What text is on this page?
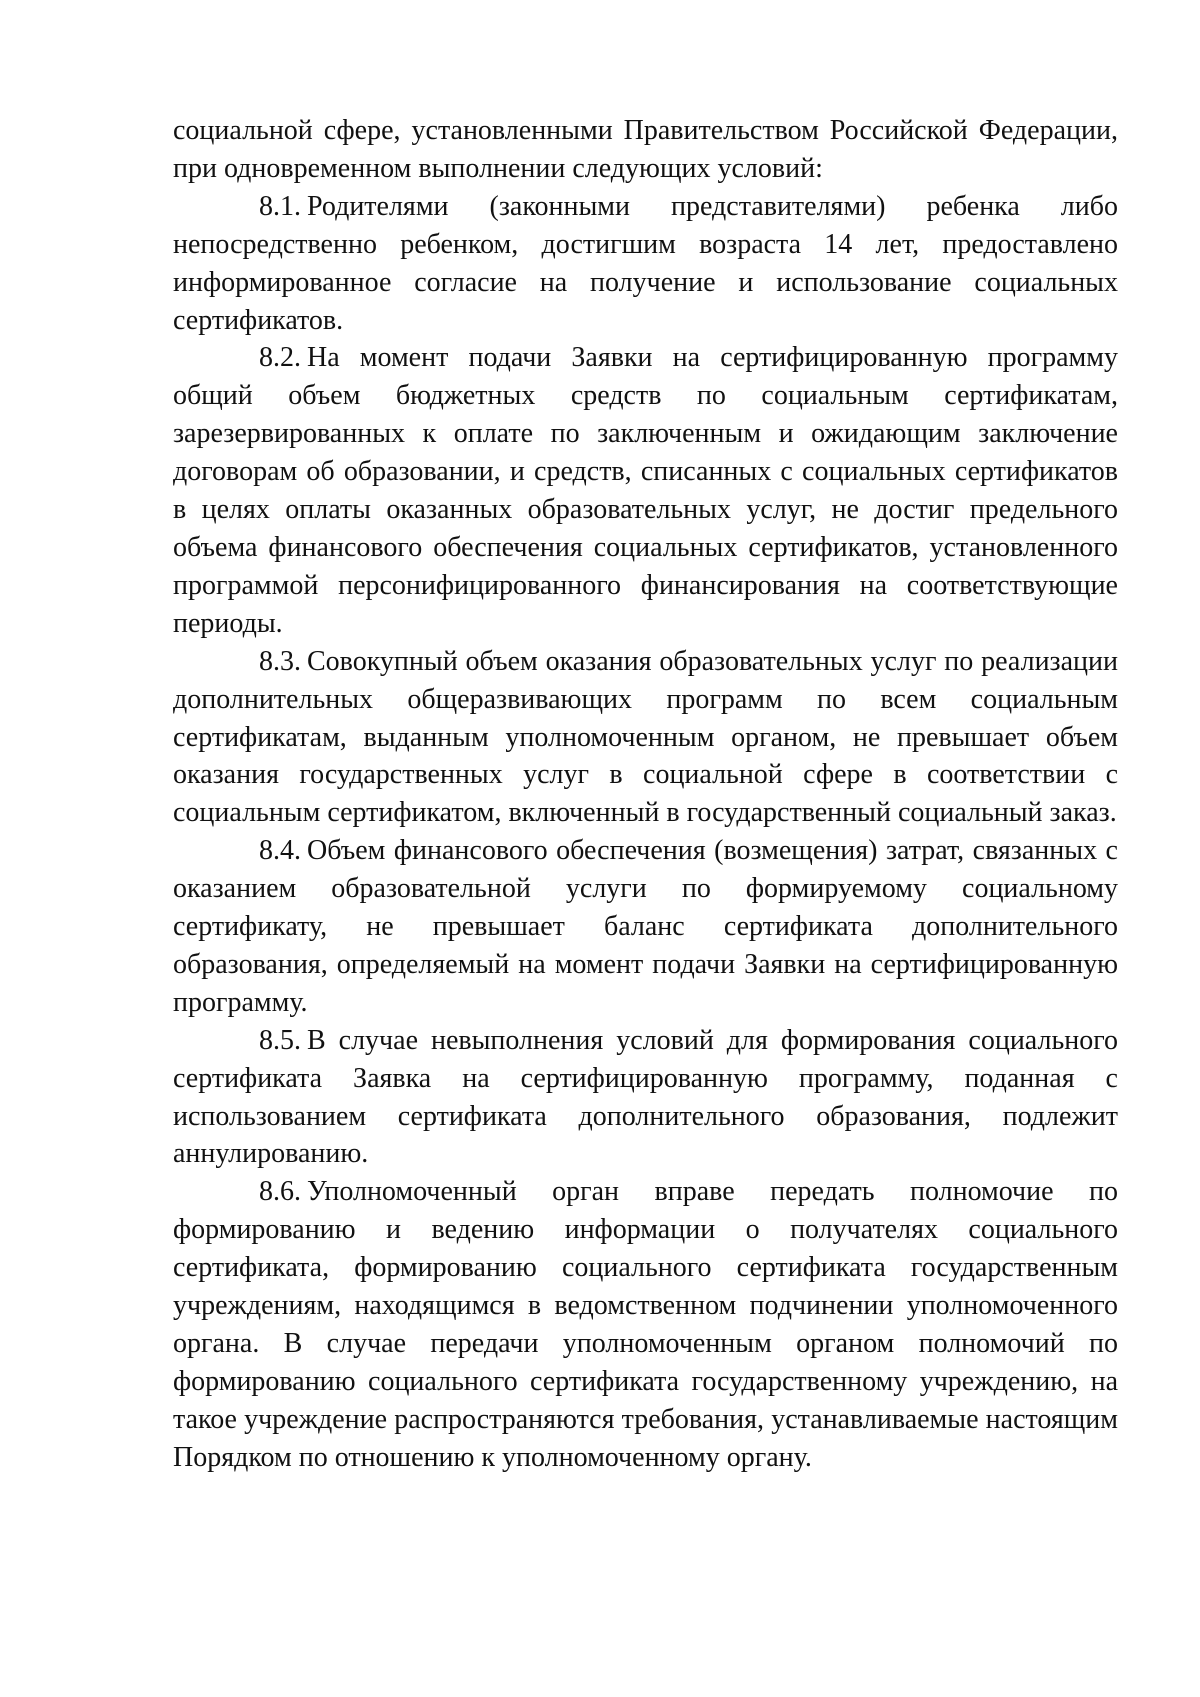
социальной сфере, установленными Правительством Российской Федерации, при одновременном выполнении следующих условий:

8.1. Родителями (законными представителями) ребенка либо непосредственно ребенком, достигшим возраста 14 лет, предоставлено информированное согласие на получение и использование социальных сертификатов.

8.2. На момент подачи Заявки на сертифицированную программу общий объем бюджетных средств по социальным сертификатам, зарезервированных к оплате по заключенным и ожидающим заключение договорам об образовании, и средств, списанных с социальных сертификатов в целях оплаты оказанных образовательных услуг, не достиг предельного объема финансового обеспечения социальных сертификатов, установленного программой персонифицированного финансирования на соответствующие периоды.

8.3. Совокупный объем оказания образовательных услуг по реализации дополнительных общеразвивающих программ по всем социальным сертификатам, выданным уполномоченным органом, не превышает объем оказания государственных услуг в социальной сфере в соответствии с социальным сертификатом, включенный в государственный социальный заказ.

8.4. Объем финансового обеспечения (возмещения) затрат, связанных с оказанием образовательной услуги по формируемому социальному сертификату, не превышает баланс сертификата дополнительного образования, определяемый на момент подачи Заявки на сертифицированную программу.

8.5. В случае невыполнения условий для формирования социального сертификата Заявка на сертифицированную программу, поданная с использованием сертификата дополнительного образования, подлежит аннулированию.

8.6. Уполномоченный орган вправе передать полномочие по формированию и ведению информации о получателях социального сертификата, формированию социального сертификата государственным учреждениям, находящимся в ведомственном подчинении уполномоченного органа. В случае передачи уполномоченным органом полномочий по формированию социального сертификата государственному учреждению, на такое учреждение распространяются требования, устанавливаемые настоящим Порядком по отношению к уполномоченному органу.
